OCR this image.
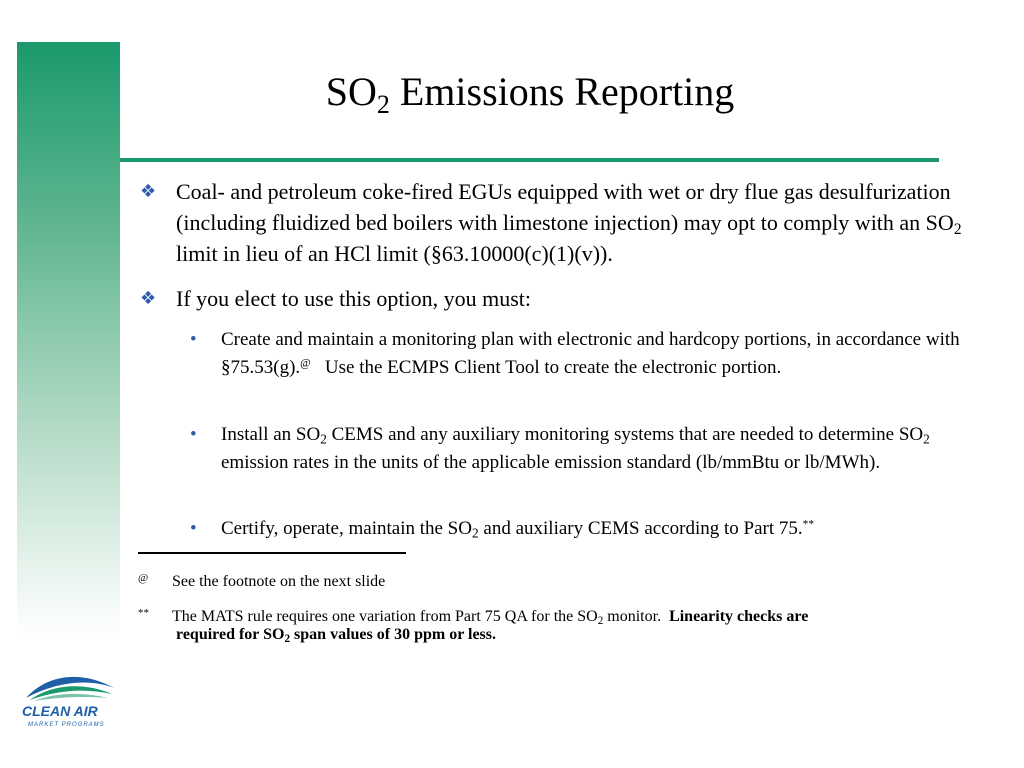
$SO_2$ Emissions Reporting
❖ Coal- and petroleum coke-fired EGUs equipped with wet or dry flue gas desulfurization (including fluidized bed boilers with limestone injection) may opt to comply with an $SO_2$ limit in lieu of an HCl limit (§63.10000(c)(1)(v)).
❖ If you elect to use this option, you must:
• Create and maintain a monitoring plan with electronic and hardcopy portions, in accordance with §75.53(g).@   Use the ECMPS Client Tool to create the electronic portion.
• Install an $SO_2$ CEMS and any auxiliary monitoring systems that are needed to determine $SO_2$ emission rates in the units of the applicable emission standard (lb/mmBtu or lb/MWh).
• Certify, operate, maintain the $SO_2$ and auxiliary CEMS according to Part 75.**
@ See the footnote on the next slide
** The MATS rule requires one variation from Part 75 QA for the $SO_2$ monitor.  Linearity checks are
required for $SO_2$ span values of 30 ppm or less.
CLEAN AIR
MARKET PROGRAMS
